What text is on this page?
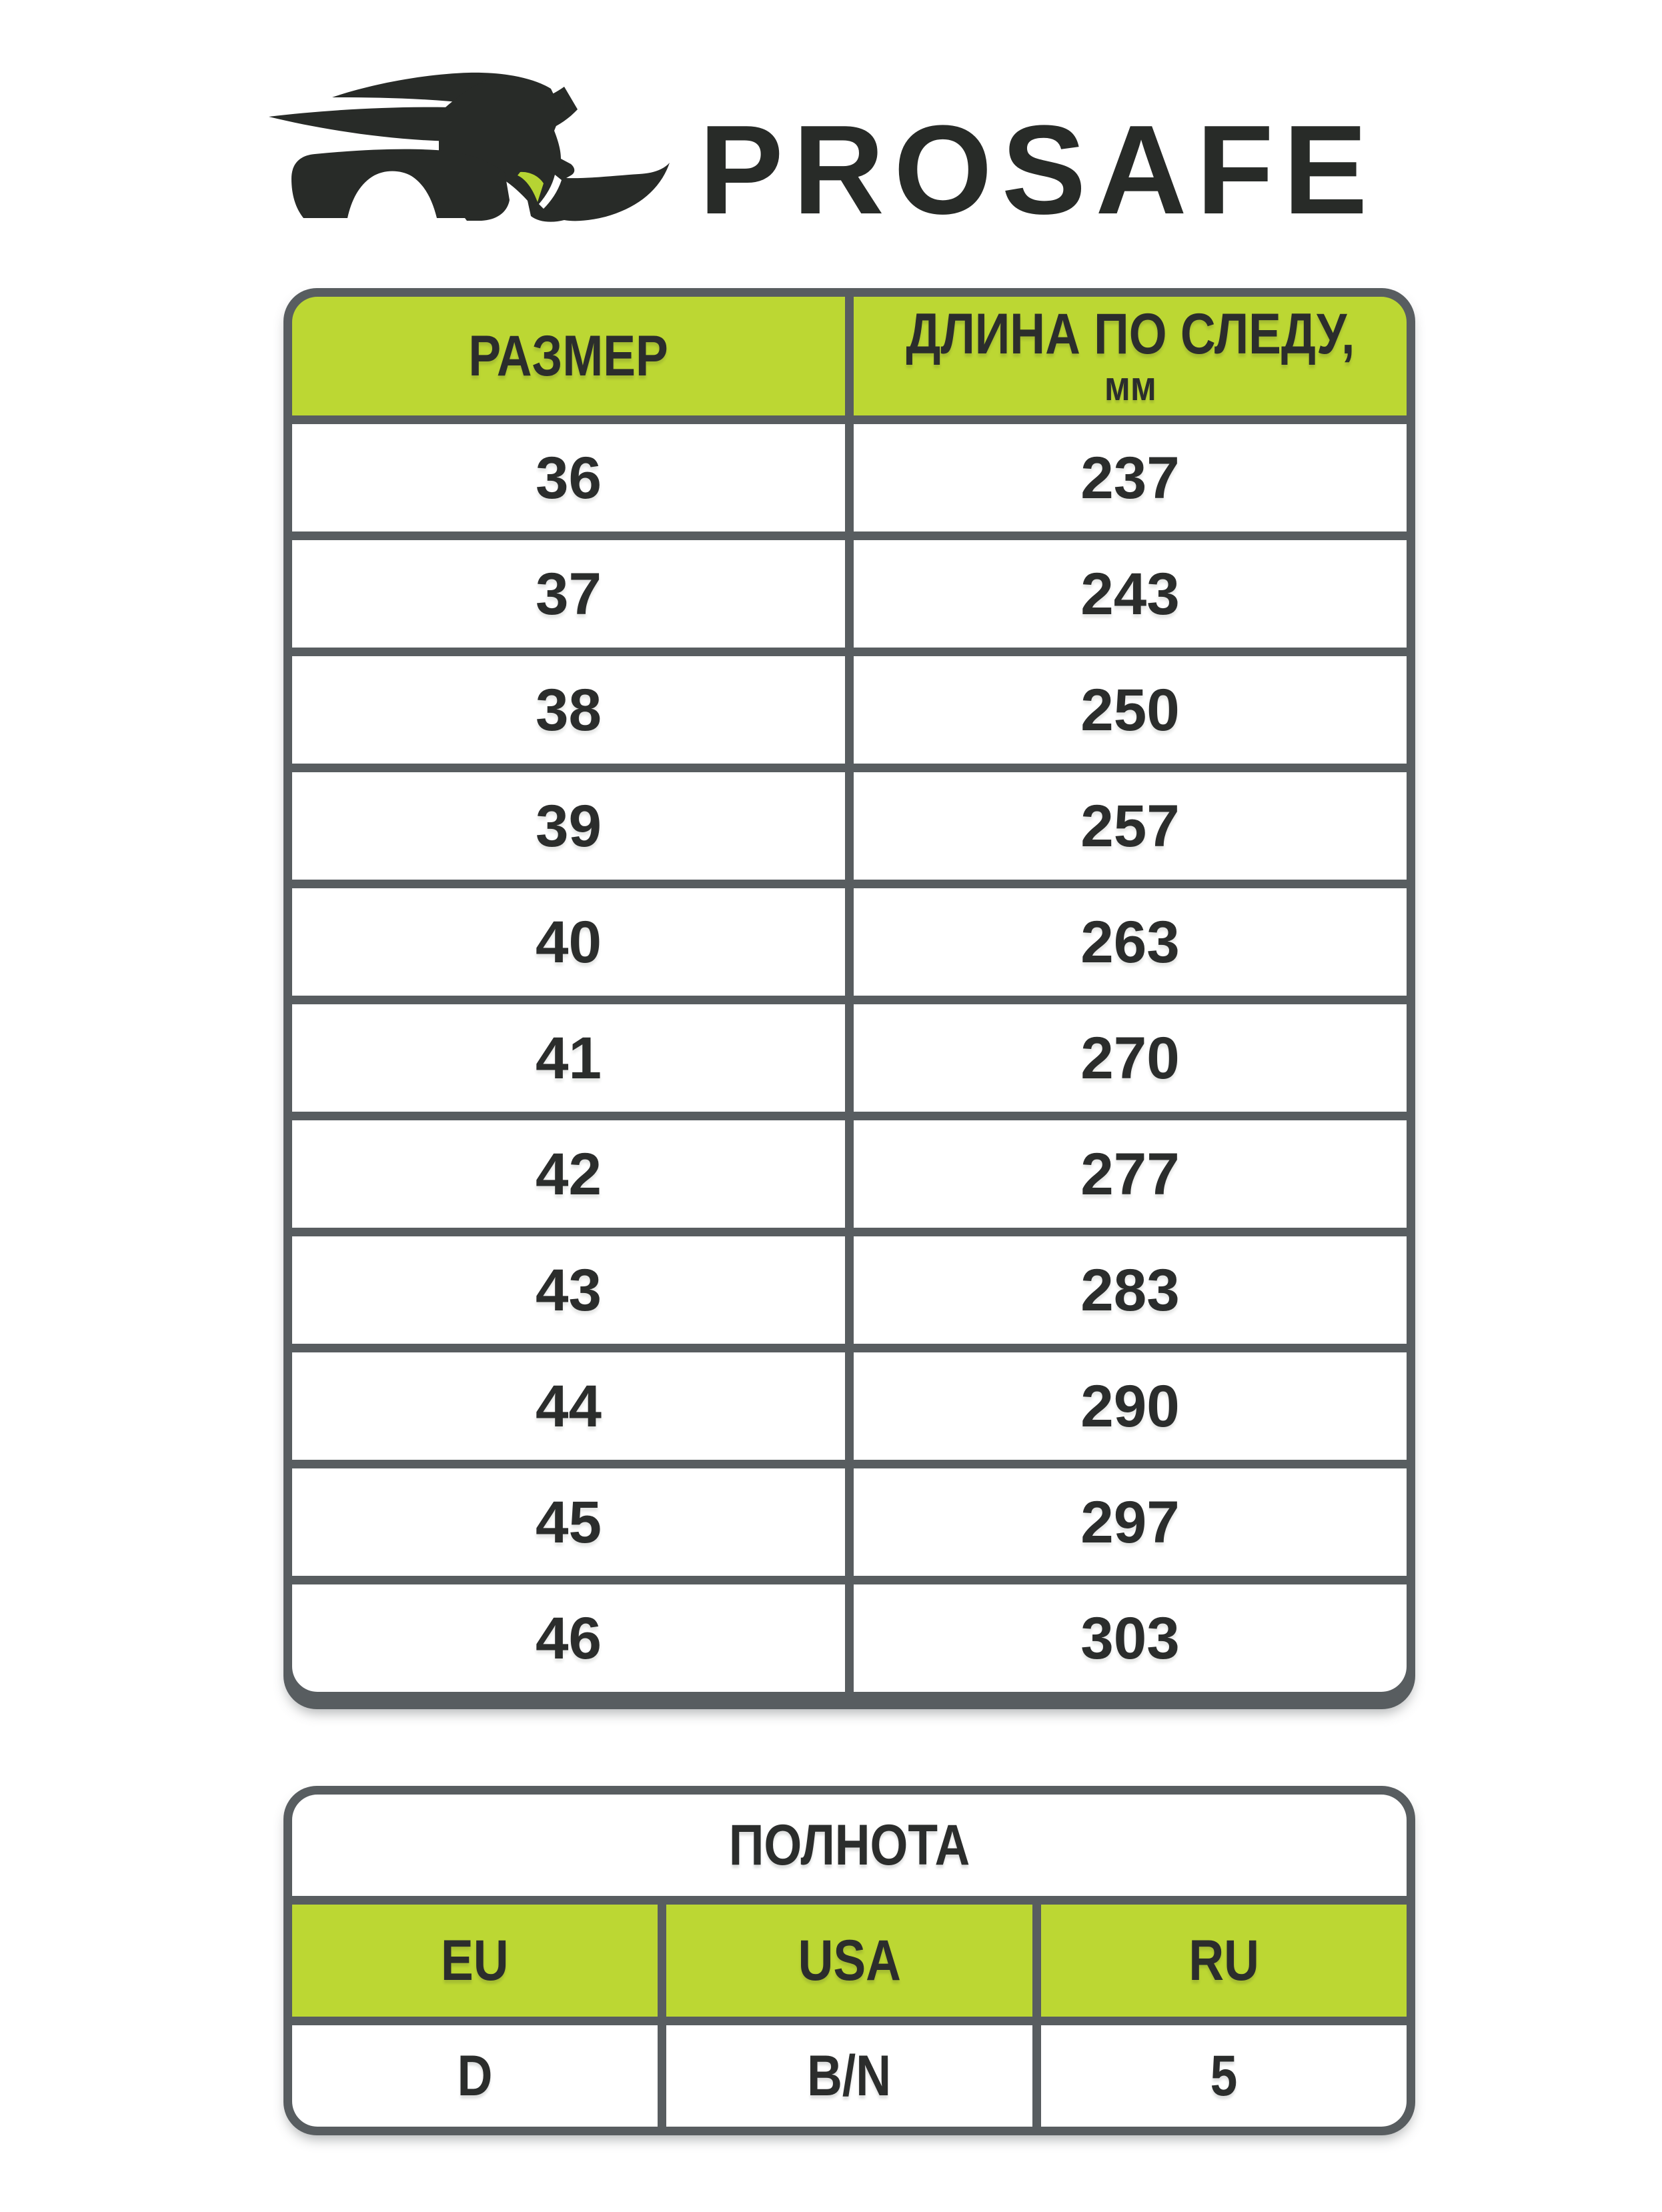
PROSAFE
РАЗМЕР	ДЛИНА ПО СЛЕДУ,
мм
36	237
37	243
38	250
39	257
40	263
41	270
42	277
43	283
44	290
45	297
46	303
ПОЛНОТА
EU	USA	RU
D	B/N	5
